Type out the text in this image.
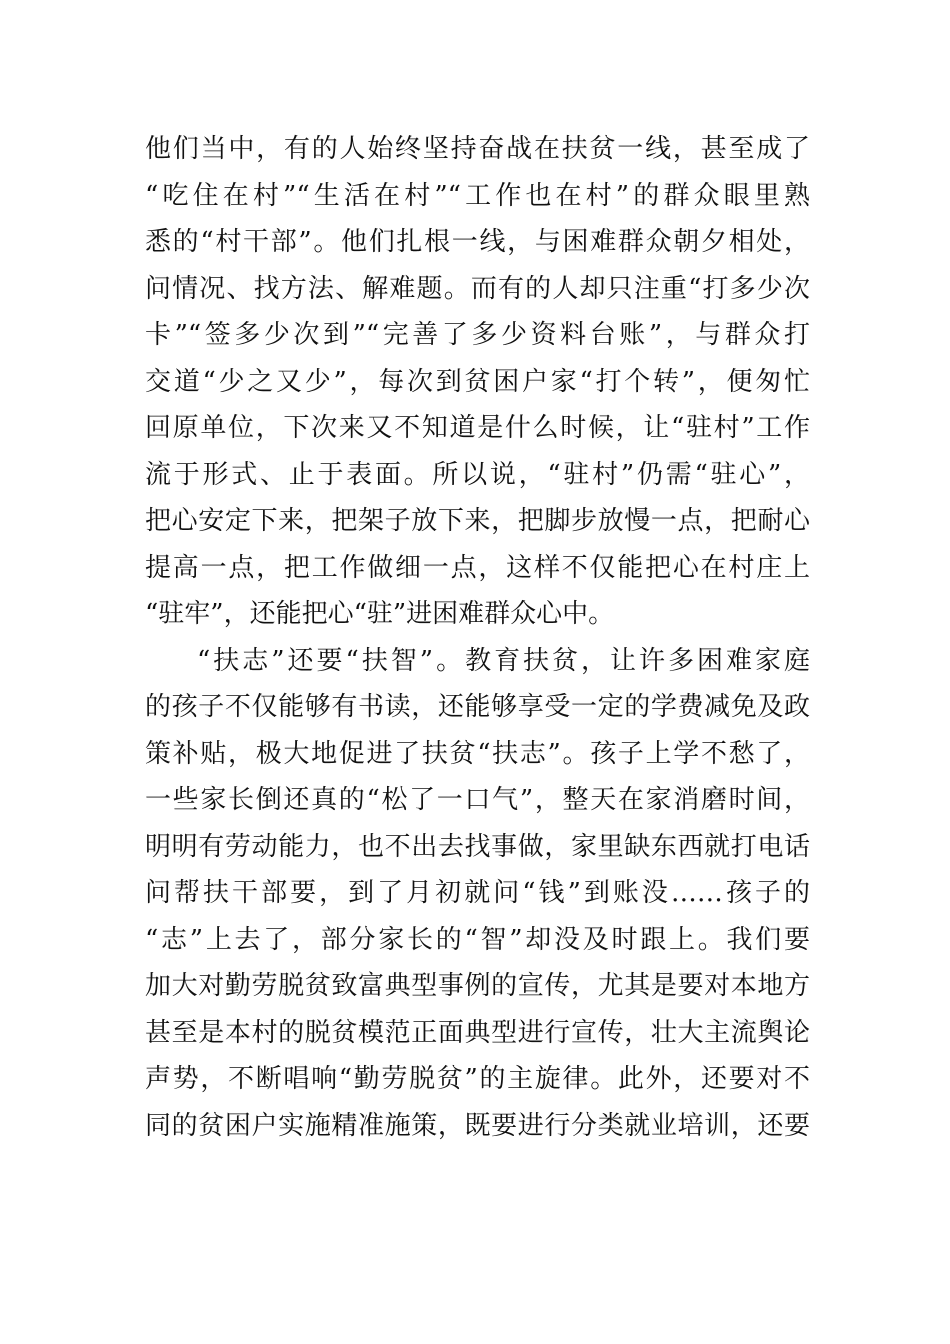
他们当中，有的人始终坚持奋战在扶贫一线，甚至成了
“吃住在村”“生活在村”“工作也在村”的群众眼里熟
悉的“村干部”。他们扎根一线，与困难群众朝夕相处，
问情况、找方法、解难题。而有的人却只注重“打多少次
卡”“签多少次到”“完善了多少资料台账”，与群众打
交道“少之又少”，每次到贫困户家“打个转”，便匆忙
回原单位，下次来又不知道是什么时候，让“驻村”工作
流于形式、止于表面。所以说，“驻村”仍需“驻心”，
把心安定下来，把架子放下来，把脚步放慢一点，把耐心
提高一点，把工作做细一点，这样不仅能把心在村庄上
“驻牢”，还能把心“驻”进困难群众心中。
“扶志”还要“扶智”。教育扶贫，让许多困难家庭
的孩子不仅能够有书读，还能够享受一定的学费减免及政
策补贴，极大地促进了扶贫“扶志”。孩子上学不愁了，
一些家长倒还真的“松了一口气”，整天在家消磨时间，
明明有劳动能力，也不出去找事做，家里缺东西就打电话
问帮扶干部要，到了月初就问“钱”到账没……孩子的
“志”上去了，部分家长的“智”却没及时跟上。我们要
加大对勤劳脱贫致富典型事例的宣传，尤其是要对本地方
甚至是本村的脱贫模范正面典型进行宣传，壮大主流舆论
声势，不断唱响“勤劳脱贫”的主旋律。此外，还要对不
同的贫困户实施精准施策，既要进行分类就业培训，还要
